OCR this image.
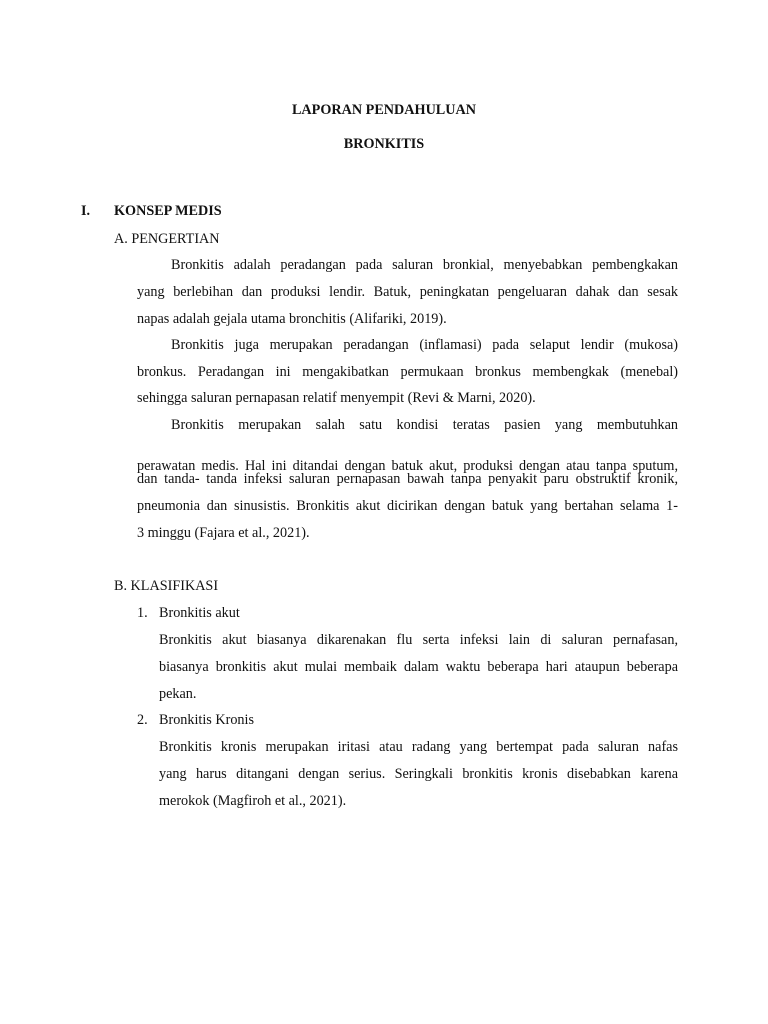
LAPORAN PENDAHULUAN
BRONKITIS
I. KONSEP MEDIS
A. PENGERTIAN
Bronkitis adalah peradangan pada saluran bronkial, menyebabkan pembengkakan
yang berlebihan dan produksi lendir. Batuk, peningkatan pengeluaran dahak dan sesak
napas adalah gejala utama bronchitis (Alifariki, 2019).
Bronkitis juga merupakan peradangan (inflamasi) pada selaput lendir (mukosa)
bronkus. Peradangan ini mengakibatkan permukaan bronkus membengkak (menebal)
sehingga saluran pernapasan relatif menyempit (Revi & Marni, 2020).
Bronkitis merupakan salah satu kondisi teratas pasien yang membutuhkan
perawatan medis. Hal ini ditandai dengan batuk akut, produksi dengan atau tanpa sputum,
dan tanda- tanda infeksi saluran pernapasan bawah tanpa penyakit paru obstruktif kronik,
pneumonia dan sinusistis. Bronkitis akut dicirikan dengan batuk yang bertahan selama 1-
3 minggu (Fajara et al., 2021).
B. KLASIFIKASI
1. Bronkitis akut
Bronkitis akut biasanya dikarenakan flu serta infeksi lain di saluran pernafasan,
biasanya bronkitis akut mulai membaik dalam waktu beberapa hari ataupun beberapa
pekan.
2. Bronkitis Kronis
Bronkitis kronis merupakan iritasi atau radang yang bertempat pada saluran nafas
yang harus ditangani dengan serius. Seringkali bronkitis kronis disebabkan karena
merokok (Magfiroh et al., 2021).
